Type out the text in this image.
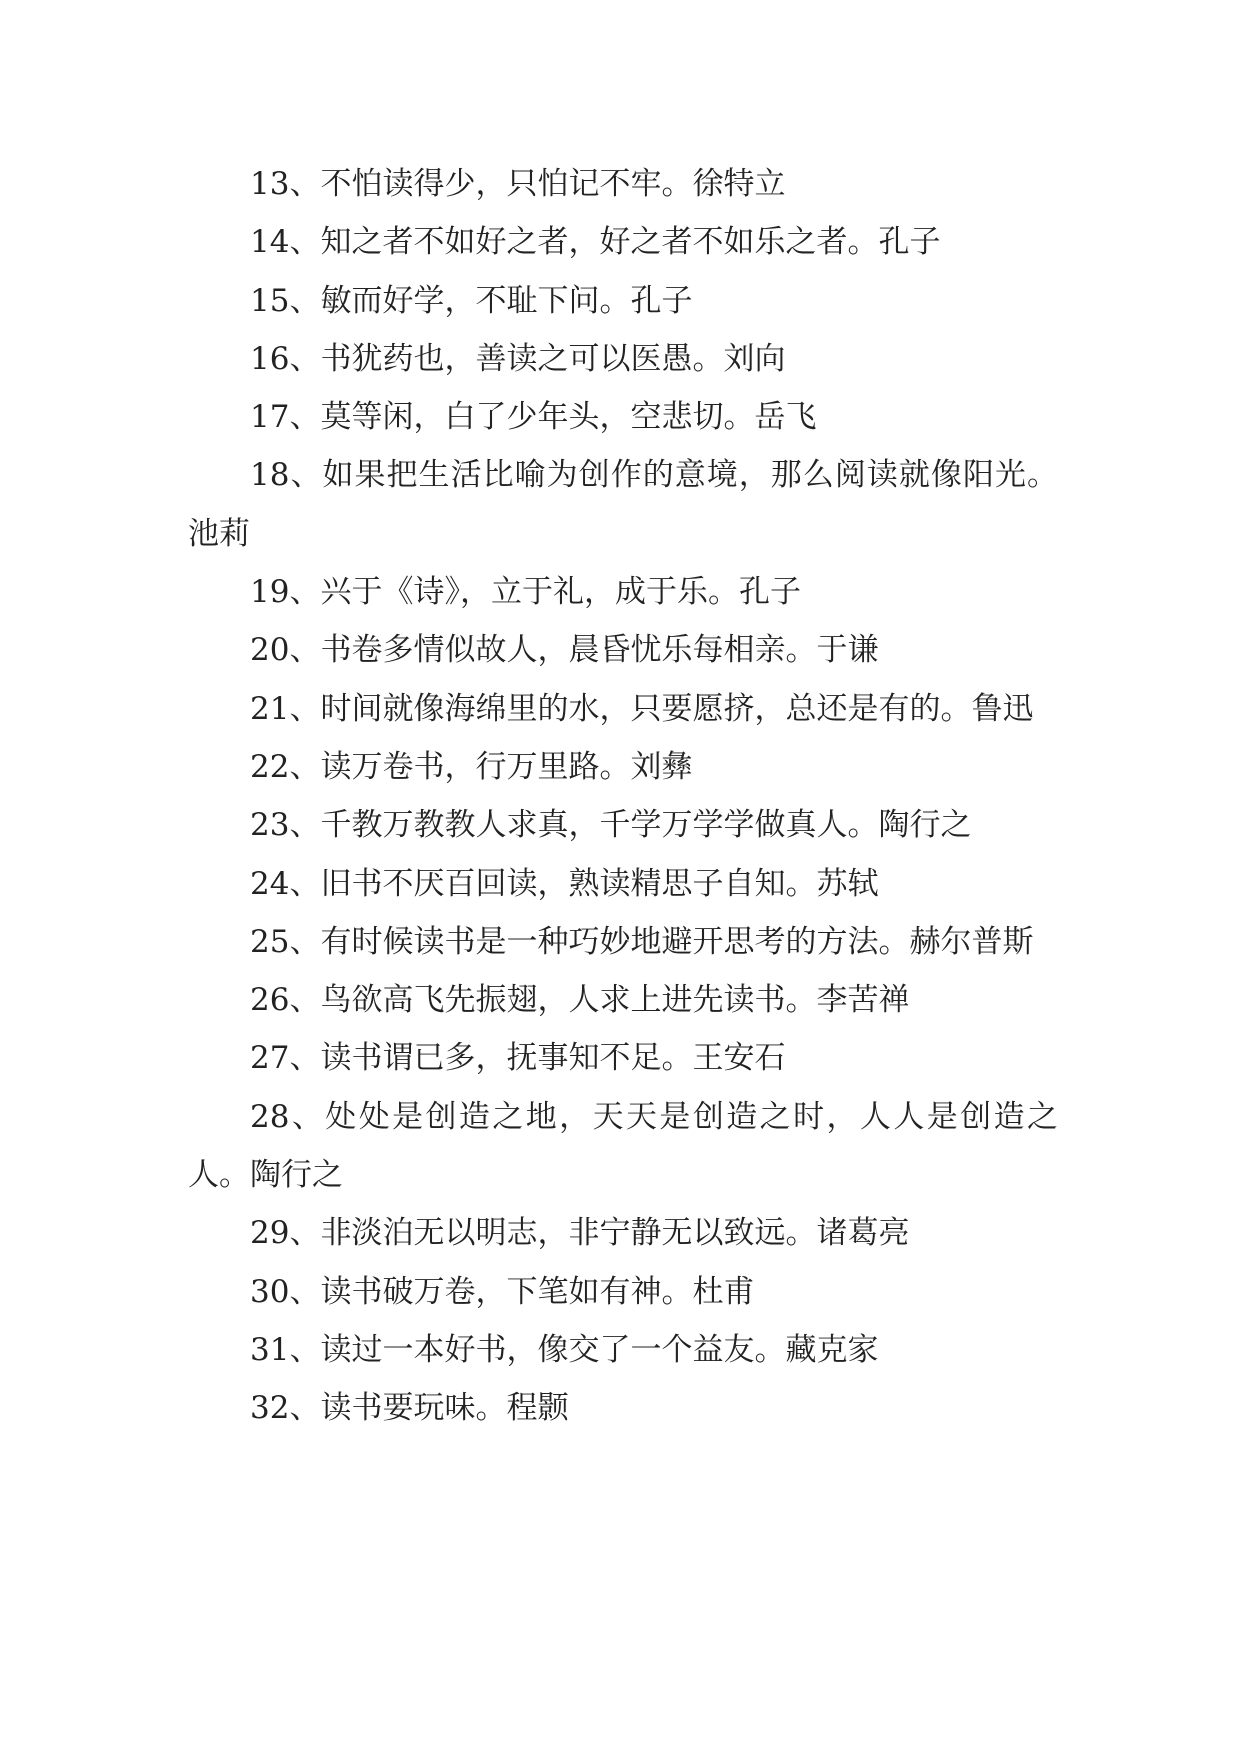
13、不怕读得少，只怕记不牢。徐特立

14、知之者不如好之者，好之者不如乐之者。孔子

15、敏而好学，不耻下问。孔子

16、书犹药也，善读之可以医愚。刘向

17、莫等闲，白了少年头，空悲切。岳飞

18、如果把生活比喻为创作的意境，那么阅读就像阳光。池莉

19、兴于《诗》，立于礼，成于乐。孔子

20、书卷多情似故人，晨昏忧乐每相亲。于谦

21、时间就像海绵里的水，只要愿挤，总还是有的。鲁迅

22、读万卷书，行万里路。刘彝

23、千教万教教人求真，千学万学学做真人。陶行之

24、旧书不厌百回读，熟读精思子自知。苏轼

25、有时候读书是一种巧妙地避开思考的方法。赫尔普斯

26、鸟欲高飞先振翅，人求上进先读书。李苦禅

27、读书谓已多，抚事知不足。王安石

28、处处是创造之地，天天是创造之时，人人是创造之人。陶行之

29、非淡泊无以明志，非宁静无以致远。诸葛亮

30、读书破万卷，下笔如有神。杜甫

31、读过一本好书，像交了一个益友。藏克家

32、读书要玩味。程颢
